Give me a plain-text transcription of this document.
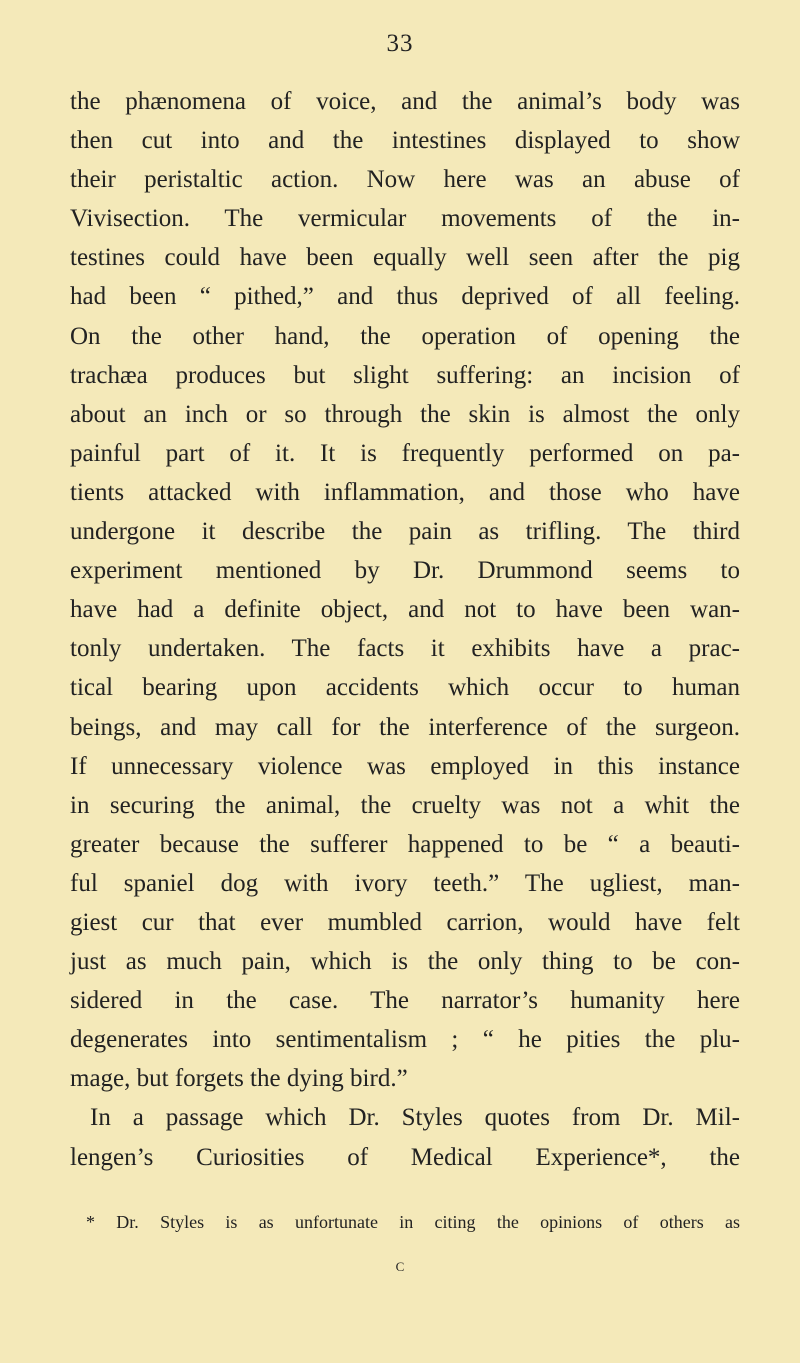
33
the phænomena of voice, and the animal’s body was
then cut into and the intestines displayed to show
their peristaltic action. Now here was an abuse of
Vivisection. The vermicular movements of the in-
testines could have been equally well seen after the pig
had been “ pithed,” and thus deprived of all feeling.
On the other hand, the operation of opening the
trachæa produces but slight suffering: an incision of
about an inch or so through the skin is almost the only
painful part of it. It is frequently performed on pa-
tients attacked with inflammation, and those who have
undergone it describe the pain as trifling. The third
experiment mentioned by Dr. Drummond seems to
have had a definite object, and not to have been wan-
tonly undertaken. The facts it exhibits have a prac-
tical bearing upon accidents which occur to human
beings, and may call for the interference of the surgeon.
If unnecessary violence was employed in this instance
in securing the animal, the cruelty was not a whit the
greater because the sufferer happened to be “ a beauti-
ful spaniel dog with ivory teeth.” The ugliest, man-
giest cur that ever mumbled carrion, would have felt
just as much pain, which is the only thing to be con-
sidered in the case. The narrator’s humanity here
degenerates into sentimentalism ; “ he pities the plu-
mage, but forgets the dying bird.”
In a passage which Dr. Styles quotes from Dr. Mil-
lengen’s Curiosities of Medical Experience*, the
* Dr. Styles is as unfortunate in citing the opinions of others as
c
